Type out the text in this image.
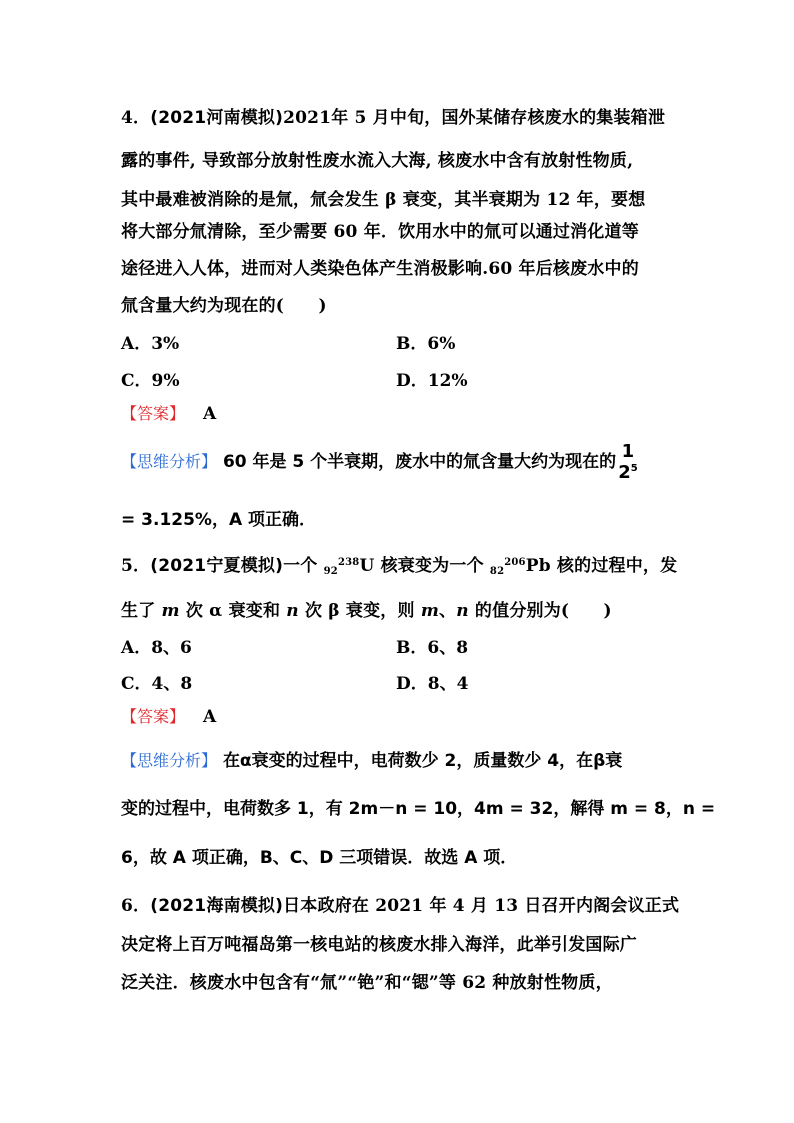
4．(2021河南模拟)2021年 5 月中旬，国外某储存核废水的集装箱泄
露的事件, 导致部分放射性废水流入大海, 核废水中含有放射性物质,
其中最难被消除的是氚，氚会发生 β 衰变，其半衰期为 12 年，要想
将大部分氚清除，至少需要 60 年．饮用水中的氚可以通过消化道等
途径进入人体，进而对人类染色体产生消极影响.60 年后核废水中的
氚含量大约为现在的(　　)
A．3%	B．6%
C．9%	D．12%
【答案】 A
【思维分析】 60 年是 5 个半衰期，废水中的氚含量大约为现在的 1
$2^5$
= 3.125%，A 项正确．
5．(2021宁夏模拟)一个 $_{92}^{238}$U 核衰变为一个 $_{82}^{206}$Pb 核的过程中，发
生了 m 次 α 衰变和 n 次 β 衰变，则 m、n 的值分别为(　　)
A．8、6	B．6、8
C．4、8	D．8、4
【答案】 A
【思维分析】 在α衰变的过程中，电荷数少 2，质量数少 4，在β衰
变的过程中，电荷数多 1，有 2m－n = 10，4m = 32，解得 m = 8，n =
6，故 A 项正确，B、C、D 三项错误．故选 A 项．
6．(2021海南模拟)日本政府在 2021 年 4 月 13 日召开内阁会议正式
决定将上百万吨福岛第一核电站的核废水排入海洋，此举引发国际广
泛关注．核废水中包含有“氚”“铯”和“锶”等 62 种放射性物质，
